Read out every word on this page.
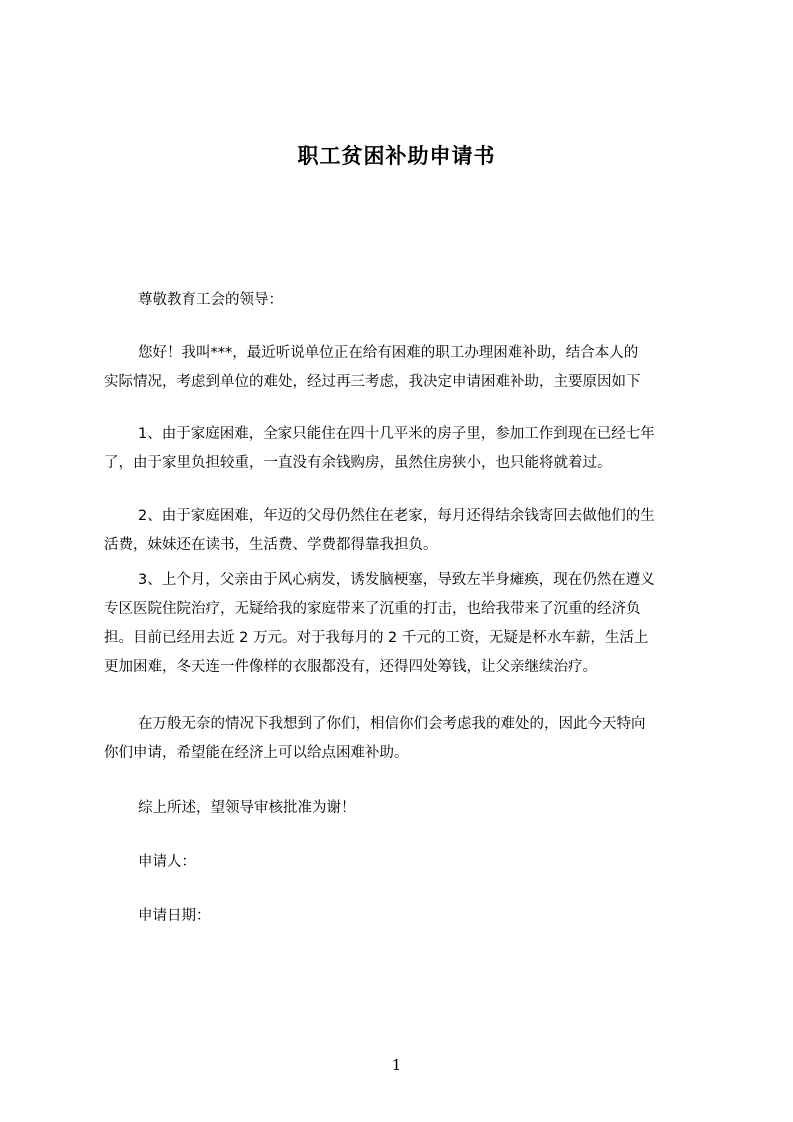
职工贫困补助申请书
尊敬教育工会的领导：
您好！我叫***，最近听说单位正在给有困难的职工办理困难补助，结合本人的
实际情况，考虑到单位的难处，经过再三考虑，我决定申请困难补助，主要原因如下
1、由于家庭困难，全家只能住在四十几平米的房子里，参加工作到现在已经七年
了，由于家里负担较重，一直没有余钱购房，虽然住房狭小，也只能将就着过。
2、由于家庭困难，年迈的父母仍然住在老家，每月还得结余钱寄回去做他们的生
活费，妹妹还在读书，生活费、学费都得靠我担负。
3、上个月，父亲由于风心病发，诱发脑梗塞，导致左半身瘫痪，现在仍然在遵义
专区医院住院治疗，无疑给我的家庭带来了沉重的打击，也给我带来了沉重的经济负
担。目前已经用去近 2 万元。对于我每月的 2 千元的工资，无疑是杯水车薪，生活上
更加困难，冬天连一件像样的衣服都没有，还得四处筹钱，让父亲继续治疗。
在万般无奈的情况下我想到了你们，相信你们会考虑我的难处的，因此今天特向
你们申请，希望能在经济上可以给点困难补助。
综上所述，望领导审核批准为谢！
申请人：
申请日期：
1
